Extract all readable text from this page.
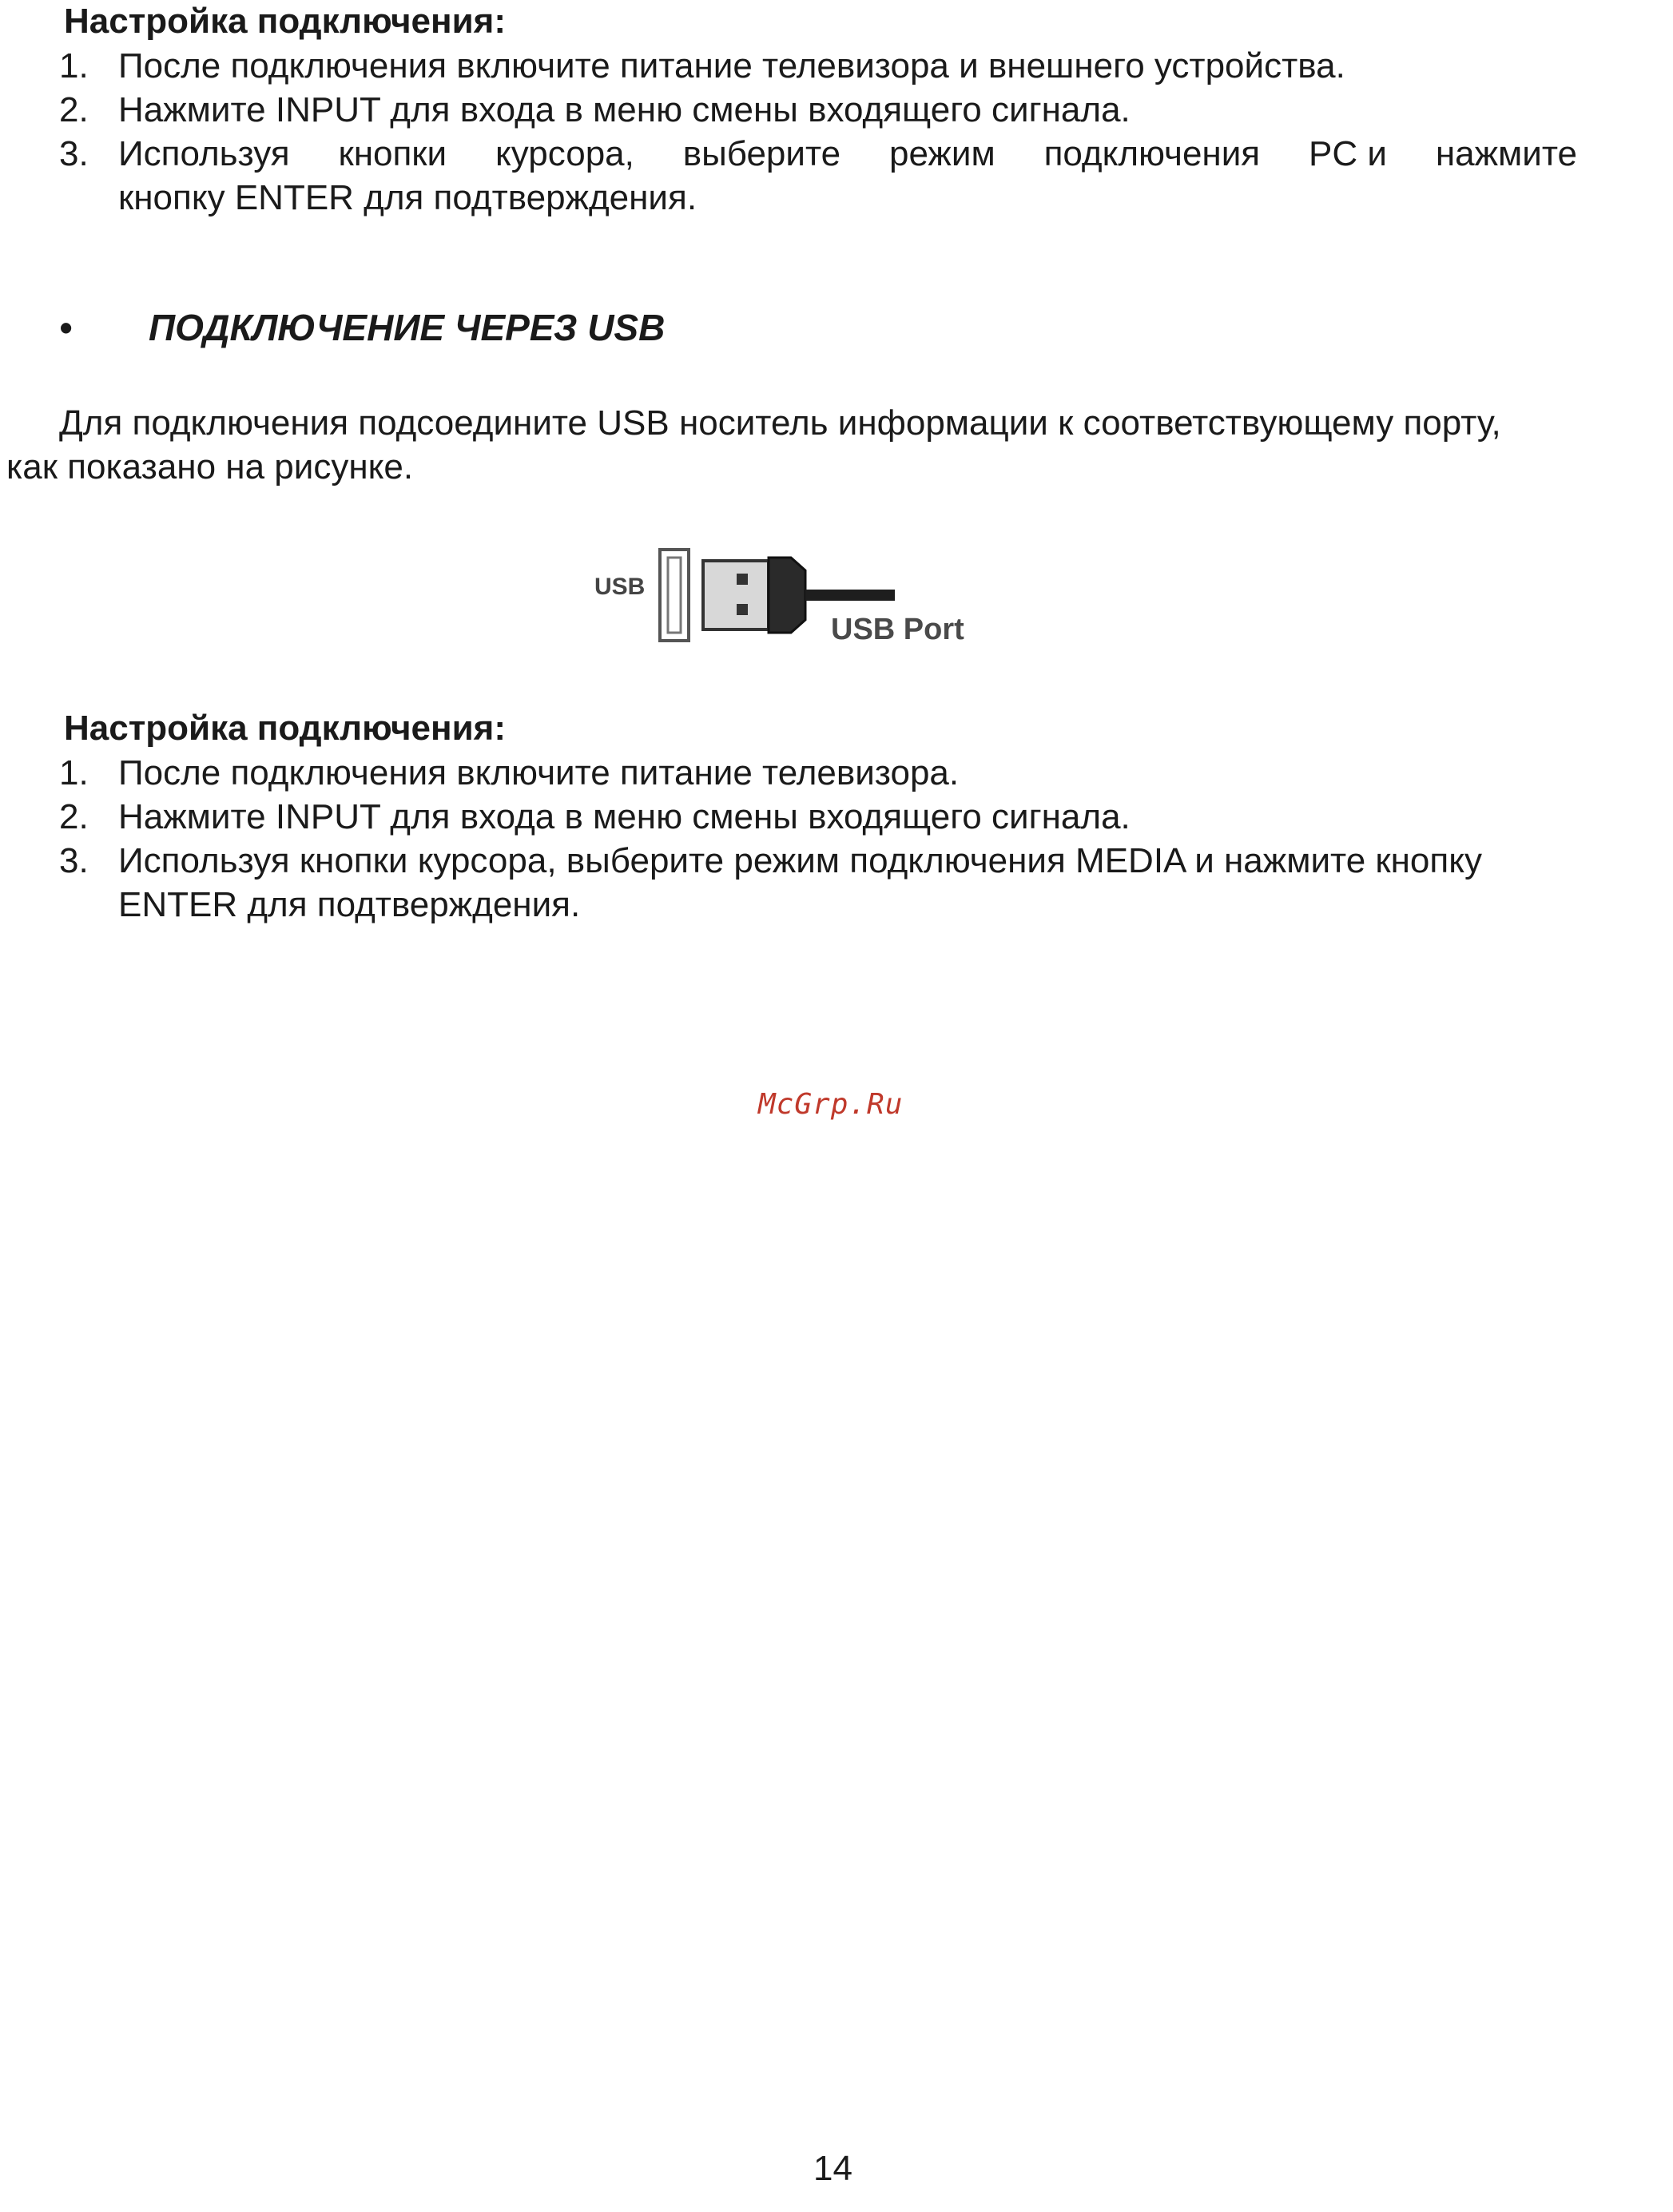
Настройка подключения:
1. После подключения включите питание телевизора и внешнего устройства.
2. Нажмите INPUT для входа в меню смены входящего сигнала.
3. Используя кнопки курсора, выберите режим подключения PC и нажмите
кнопку ENTER для подтверждения.
• ПОДКЛЮЧЕНИЕ ЧЕРЕЗ USB
Для подключения подсоедините USB носитель информации к соответствующему порту,
как показано на рисунке.
USB
USB Port
Настройка подключения:
1. После подключения включите питание телевизора.
2. Нажмите INPUT для входа в меню смены входящего сигнала.
3. Используя кнопки курсора, выберите режим подключения MEDIA и нажмите кнопку
ENTER для подтверждения.
McGrp.Ru
14
